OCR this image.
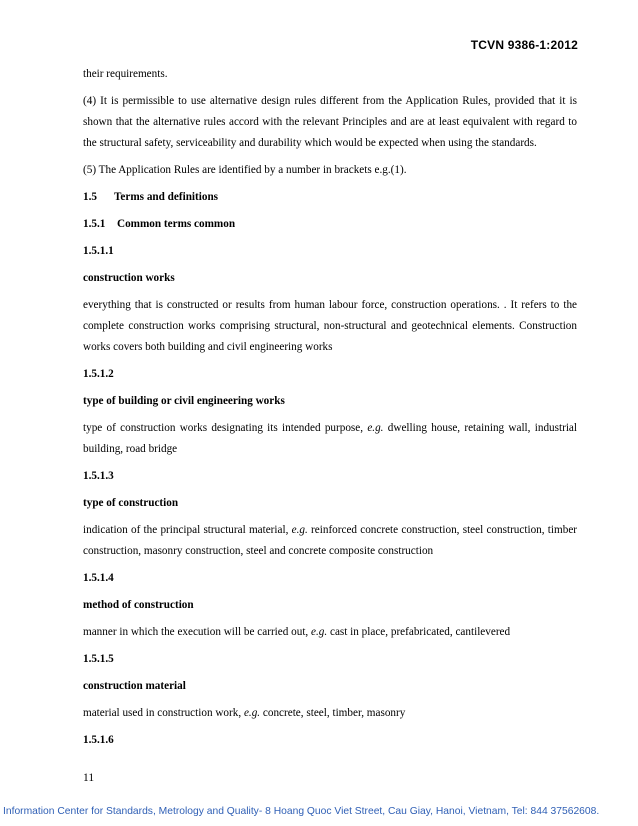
TCVN 9386-1:2012

their requirements.

(4) It is permissible to use alternative design rules different from the Application Rules, provided that it is shown that the alternative rules accord with the relevant Principles and are at least equivalent with regard to the structural safety, serviceability and durability which would be expected when using the standards.

(5) The Application Rules are identified by a number in brackets e.g.(1).

1.5 Terms and definitions
1.5.1 Common terms common
1.5.1.1
construction works

everything that is constructed or results from human labour force, construction operations. . It refers to the complete construction works comprising structural, non-structural and geotechnical elements. Construction works covers both building and civil engineering works

1.5.1.2
type of building or civil engineering works

type of construction works designating its intended purpose, e.g. dwelling house, retaining wall, industrial building, road bridge

1.5.1.3
type of construction

indication of the principal structural material, e.g. reinforced concrete construction, steel construction, timber construction, masonry construction, steel and concrete composite construction

1.5.1.4
method of construction

manner in which the execution will be carried out, e.g. cast in place, prefabricated, cantilevered

1.5.1.5
construction material

material used in construction work, e.g. concrete, steel, timber, masonry

1.5.1.6
11
Information Center for Standards, Metrology and Quality- 8 Hoang Quoc Viet Street, Cau Giay, Hanoi, Vietnam, Tel: 844 37562608.
